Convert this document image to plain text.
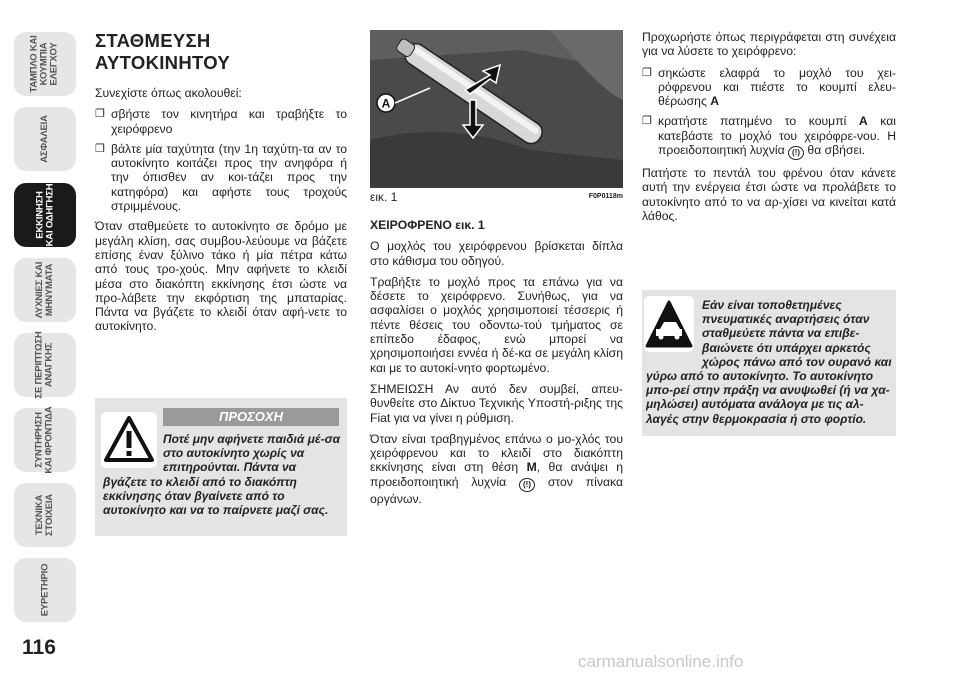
ΤΑΜΠΛΟ ΚΑΙ
ΚΟΥΜΠΙΑ
ΕΛΕΓΧΟΥ
ΑΣΦΑΛΕΙΑ
ΕΚΚΙΝΗΣΗ
ΚΑΙ ΟΔΗΓΗΣΗ
ΛΥΧΝΙΕΣ ΚΑΙ
ΜΗΝΥΜΑΤΑ
ΣΕ ΠΕΡΙΠΤΩΣΗ
ΑΝΑΓΚΗΣ
ΣΥΝΤΗΡΗΣΗ
ΚΑΙ ΦΡΟΝΤΙΔΑ
ΤΕΧΝΙΚΑ
ΣΤΟΙΧΕΙΑ
ΕΥΡΕΤΗΡΙΟ
116
ΣΤΑΘΜΕΥΣΗ
ΑΥΤΟΚΙΝΗΤΟΥ

Συνεχίστε όπως ακολουθεί:

❐ σβήστε τον κινητήρα και τραβήξτε το χειρόφρενο
❐ βάλτε μία ταχύτητα (την 1η ταχύτη-τα αν το αυτοκίνητο κοιτάζει προς την ανηφόρα ή την όπισθεν αν κοι-τάζει προς την κατηφόρα) και αφήστε τους τροχούς στριμμένους.

Όταν σταθμεύετε το αυτοκίνητο σε δρόμο με μεγάλη κλίση, σας συμβου-λεύουμε να βάζετε επίσης έναν ξύλινο τάκο ή μία πέτρα κάτω από τους τρο-χούς. Μην αφήνετε το κλειδί μέσα στο διακόπτη εκκίνησης έτσι ώστε να προ-λάβετε την εκφόρτιση της μπαταρίας. Πάντα να βγάζετε το κλειδί όταν αφή-νετε το αυτοκίνητο.

ΠΡΟΣΟΧΗ
Ποτέ μην αφήνετε παιδιά μέ-σα στο αυτοκίνητο χωρίς να επιτηρούνται. Πάντα να βγάζετε το κλειδί από το διακόπτη εκκίνησης όταν βγαίνετε από το αυτοκίνητο και να το παίρνετε μαζί σας.
A
εικ. 1	F0P0118m

ΧΕΙΡΟΦΡΕΝΟ εικ. 1

Ο μοχλός του χειρόφρενου βρίσκεται δίπλα στο κάθισμα του οδηγού.

Τραβήξτε το μοχλό προς τα επάνω για να δέσετε το χειρόφρενο. Συνήθως, για να ασφαλίσει ο μοχλός χρησιμοποιεί τέσσερις ή πέντε θέσεις του οδοντω-τού τμήματος σε επίπεδο έδαφος, ενώ μπορεί να χρησιμοποιήσει εννέα ή δέ-κα σε μεγάλη κλίση και με το αυτοκί-νητο φορτωμένο.

ΣΗΜΕΙΩΣΗ Αν αυτό δεν συμβεί, απευ-θυνθείτε στο Δίκτυο Τεχνικής Υποστή-ριξης της Fiat για να γίνει η ρύθμιση.

Όταν είναι τραβηγμένος επάνω ο μο-χλός του χειρόφρενου και το κλειδί στο διακόπτη εκκίνησης είναι στη θέση M, θα ανάψει η προειδοποιητική λυχνία (!) στον πίνακα οργάνων.

Προχωρήστε όπως περιγράφεται στη συνέχεια για να λύσετε το χειρόφρενο:

❐ σηκώστε ελαφρά το μοχλό του χει-ρόφρενου και πιέστε το κουμπί ελευ-θέρωσης A
❐ κρατήστε πατημένο το κουμπί A και κατεβάστε το μοχλό του χειρόφρε-νου. Η προειδοποιητική λυχνία (!) θα σβήσει.

Πατήστε το πεντάλ του φρένου όταν κάνετε αυτή την ενέργεια έτσι ώστε να προλάβετε το αυτοκίνητο από το να αρ-χίσει να κινείται κατά λάθος.

Εάν είναι τοποθετημένες πνευματικές αναρτήσεις όταν σταθμεύετε πάντα να επιβε-βαιώνετε ότι υπάρχει αρκετός χώρος πάνω από τον ουρανό και γύρω από το αυτοκίνητο. Το αυτοκίνητο μπο-ρεί στην πράξη να ανυψωθεί (ή να χα-μηλώσει) αυτόματα ανάλογα με τις αλ-λαγές στην θερμοκρασία ή στο φορτίο.
carmanualsonline.info
